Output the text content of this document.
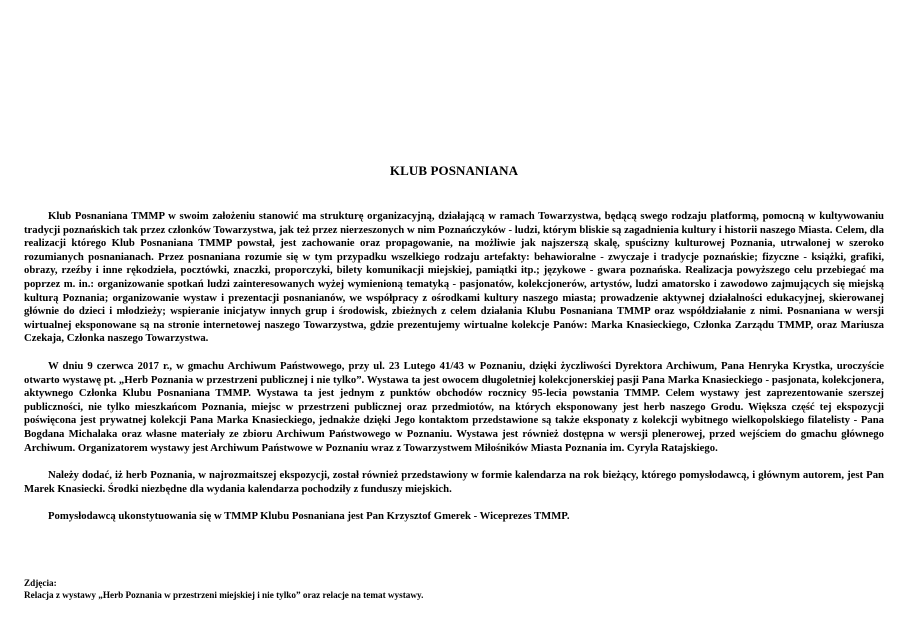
KLUB POSNANIANA

Klub Posnaniana TMMP w swoim założeniu stanowić ma strukturę organizacyjną, działającą w ramach Towarzystwa, będącą swego rodzaju platformą, pomocną w kultywowaniu tradycji poznańskich tak przez członków Towarzystwa, jak też przez nierzeszonych w nim Poznańczyków - ludzi, którym bliskie są zagadnienia kultury i historii naszego Miasta. Celem, dla realizacji którego Klub Posnaniana TMMP powstał, jest zachowanie oraz propagowanie, na możliwie jak najszerszą skalę, spuścizny kulturowej Poznania, utrwalonej w szeroko rozumianych posnanianach. Przez posnaniana rozumie się w tym przypadku wszelkiego rodzaju artefakty: behawioralne - zwyczaje i tradycje poznańskie; fizyczne - książki, grafiki, obrazy, rzeźby i inne rękodzieła, pocztówki, znaczki, proporczyki, bilety komunikacji miejskiej, pamiątki itp.; językowe - gwara poznańska. Realizacja powyższego celu przebiegać ma poprzez m. in.: organizowanie spotkań ludzi zainteresowanych wyżej wymienioną tematyką - pasjonatów, kolekcjonerów, artystów, ludzi amatorsko i zawodowo zajmujących się miejską kulturą Poznania; organizowanie wystaw i prezentacji posnanianów, we współpracy z ośrodkami kultury naszego miasta; prowadzenie aktywnej działalności edukacyjnej, skierowanej głównie do dzieci i młodzieży; wspieranie inicjatyw innych grup i środowisk, zbieżnych z celem działania Klubu Posnaniana TMMP oraz współdziałanie z nimi. Posnaniana w wersji wirtualnej eksponowane są na stronie internetowej naszego Towarzystwa, gdzie prezentujemy wirtualne kolekcje Panów: Marka Knasieckiego, Członka Zarządu TMMP, oraz Mariusza Czekaja, Członka naszego Towarzystwa.

W dniu 9 czerwca 2017 r., w gmachu Archiwum Państwowego, przy ul. 23 Lutego 41/43 w Poznaniu, dzięki życzliwości Dyrektora Archiwum, Pana Henryka Krystka, uroczyście otwarto wystawę pt. „Herb Poznania w przestrzeni publicznej i nie tylko”. Wystawa ta jest owocem długoletniej kolekcjonerskiej pasji Pana Marka Knasieckiego - pasjonata, kolekcjonera, aktywnego Członka Klubu Posnaniana TMMP. Wystawa ta jest jednym z punktów obchodów rocznicy 95-lecia powstania TMMP. Celem wystawy jest zaprezentowanie szerszej publiczności, nie tylko mieszkańcom Poznania, miejsc w przestrzeni publicznej oraz przedmiotów, na których eksponowany jest herb naszego Grodu. Większa część tej ekspozycji poświęcona jest prywatnej kolekcji Pana Marka Knasieckiego, jednakże dzięki Jego kontaktom przedstawione są także eksponaty z kolekcji wybitnego wielkopolskiego filatelisty - Pana Bogdana Michalaka oraz własne materiały ze zbioru Archiwum Państwowego w Poznaniu. Wystawa jest również dostępna w wersji plenerowej, przed wejściem do gmachu głównego Archiwum. Organizatorem wystawy jest Archiwum Państwowe w Poznaniu wraz z Towarzystwem Miłośników Miasta Poznania im. Cyryla Ratajskiego.

Należy dodać, iż herb Poznania, w najrozmaitszej ekspozycji, został również przedstawiony w formie kalendarza na rok bieżący, którego pomysłodawcą, i głównym autorem, jest Pan Marek Knasiecki. Środki niezbędne dla wydania kalendarza pochodziły z funduszy miejskich.

Pomysłodawcą ukonstytuowania się w TMMP Klubu Posnaniana jest Pan Krzysztof Gmerek - Wiceprezes TMMP.

Zdjęcia:
Relacja z wystawy „Herb Poznania w przestrzeni miejskiej i nie tylko” oraz relacje na temat wystawy.
